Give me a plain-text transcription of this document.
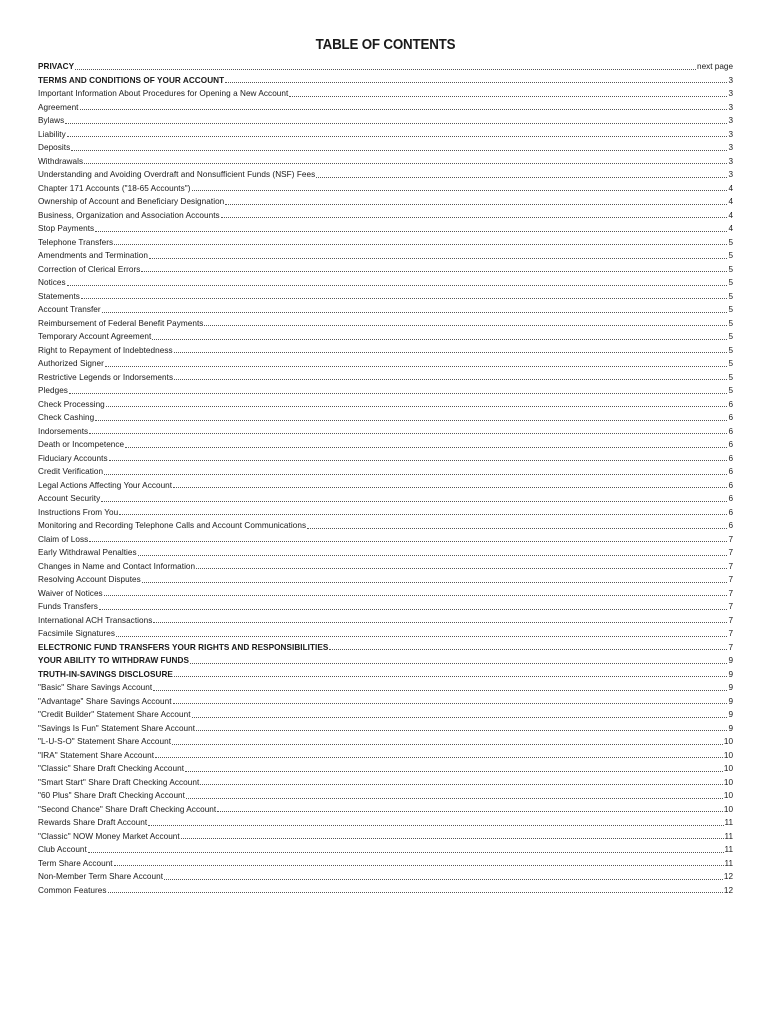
TABLE OF CONTENTS
PRIVACY	next page
TERMS AND CONDITIONS OF YOUR ACCOUNT	3
Important Information About Procedures for Opening a New Account	3
Agreement	3
Bylaws	3
Liability	3
Deposits	3
Withdrawals	3
Understanding and Avoiding Overdraft and Nonsufficient Funds (NSF) Fees	3
Chapter 171 Accounts ("18-65 Accounts")	4
Ownership of Account and Beneficiary Designation	4
Business, Organization and Association Accounts	4
Stop Payments	4
Telephone Transfers	5
Amendments and Termination	5
Correction of Clerical Errors	5
Notices	5
Statements	5
Account Transfer	5
Reimbursement of Federal Benefit Payments	5
Temporary Account Agreement	5
Right to Repayment of Indebtedness	5
Authorized Signer	5
Restrictive Legends or Indorsements	5
Pledges	5
Check Processing	6
Check Cashing	6
Indorsements	6
Death or Incompetence	6
Fiduciary Accounts	6
Credit Verification	6
Legal Actions Affecting Your Account	6
Account Security	6
Instructions From You	6
Monitoring and Recording Telephone Calls and Account Communications	6
Claim of Loss	7
Early Withdrawal Penalties	7
Changes in Name and Contact Information	7
Resolving Account Disputes	7
Waiver of Notices	7
Funds Transfers	7
International ACH Transactions	7
Facsimile Signatures	7
ELECTRONIC FUND TRANSFERS YOUR RIGHTS AND RESPONSIBILITIES	7
YOUR ABILITY TO WITHDRAW FUNDS	9
TRUTH-IN-SAVINGS DISCLOSURE	9
"Basic" Share Savings Account	9
"Advantage" Share Savings Account	9
"Credit Builder" Statement Share Account	9
"Savings Is Fun" Statement Share Account	9
"L-U-S-O" Statement Share Account	10
"IRA" Statement Share Account	10
"Classic" Share Draft Checking Account	10
"Smart Start" Share Draft Checking Account	10
"60 Plus" Share Draft Checking Account	10
"Second Chance" Share Draft Checking Account	10
Rewards Share Draft Account	11
"Classic" NOW Money Market Account	11
Club Account	11
Term Share Account	11
Non-Member Term Share Account	12
Common Features	12
